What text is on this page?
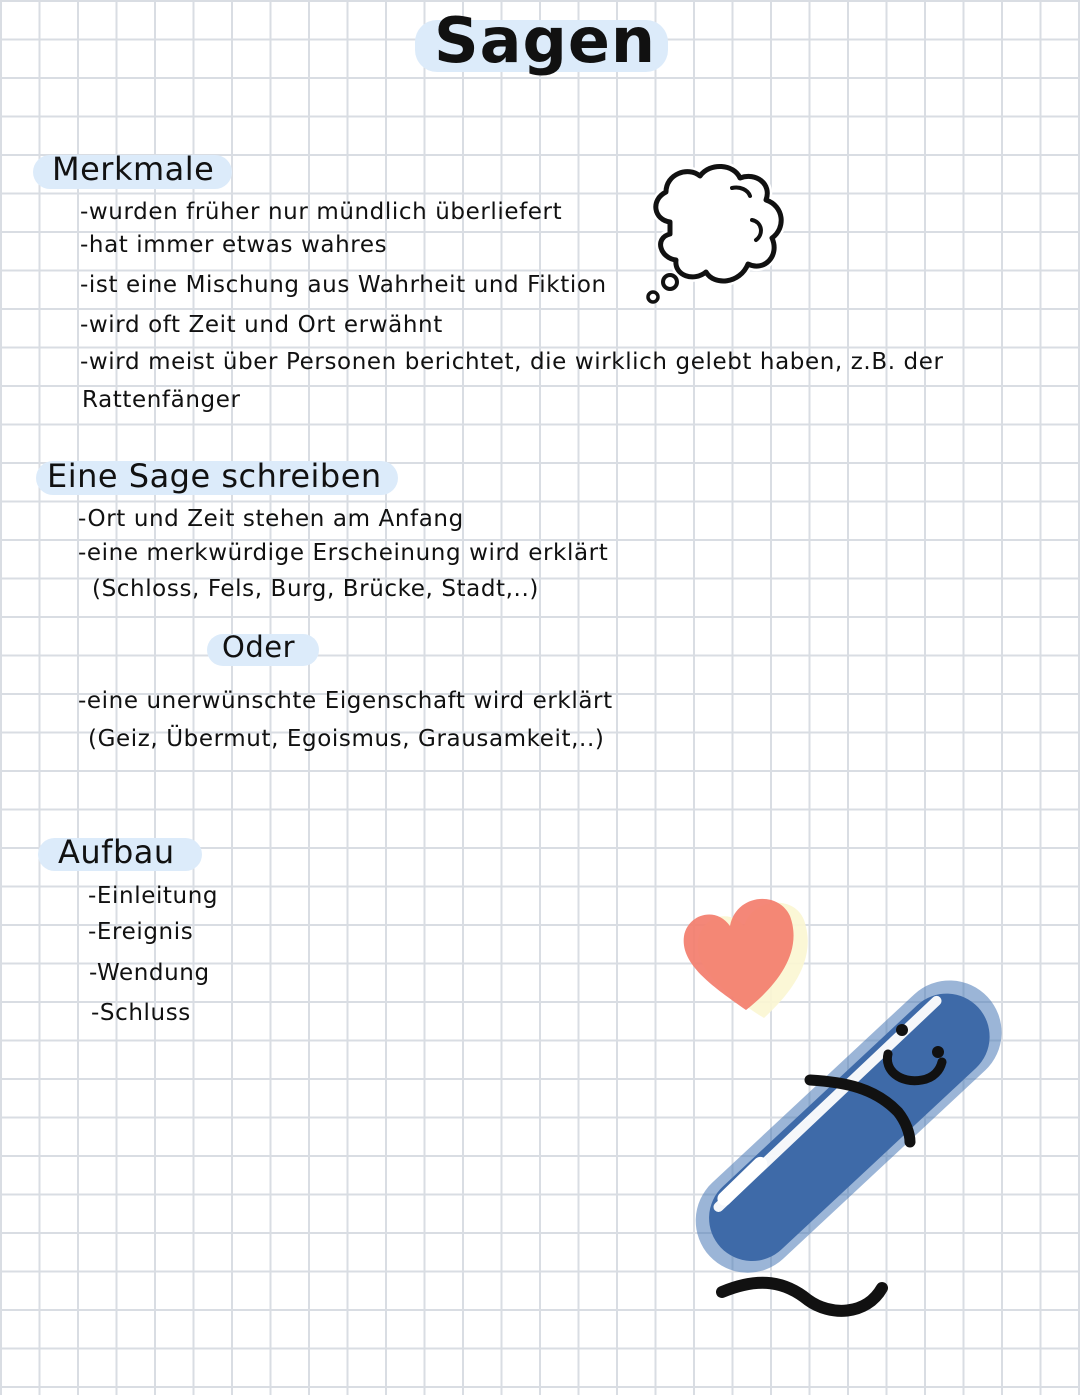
Sagen
Merkmale
-wurden früher nur mündlich überliefert
-hat immer etwas wahres
-ist eine Mischung aus Wahrheit und Fiktion
-wird oft Zeit und Ort erwähnt
-wird meist über Personen berichtet, die wirklich gelebt haben, z.B. der
Rattenfänger
Eine Sage schreiben
-Ort und Zeit stehen am Anfang
-eine merkwürdige Erscheinung wird erklärt
(Schloss, Fels, Burg, Brücke, Stadt,..)
Oder
-eine unerwünschte Eigenschaft wird erklärt
(Geiz, Übermut, Egoismus, Grausamkeit,..)
Aufbau
-Einleitung
-Ereignis
-Wendung
-Schluss
